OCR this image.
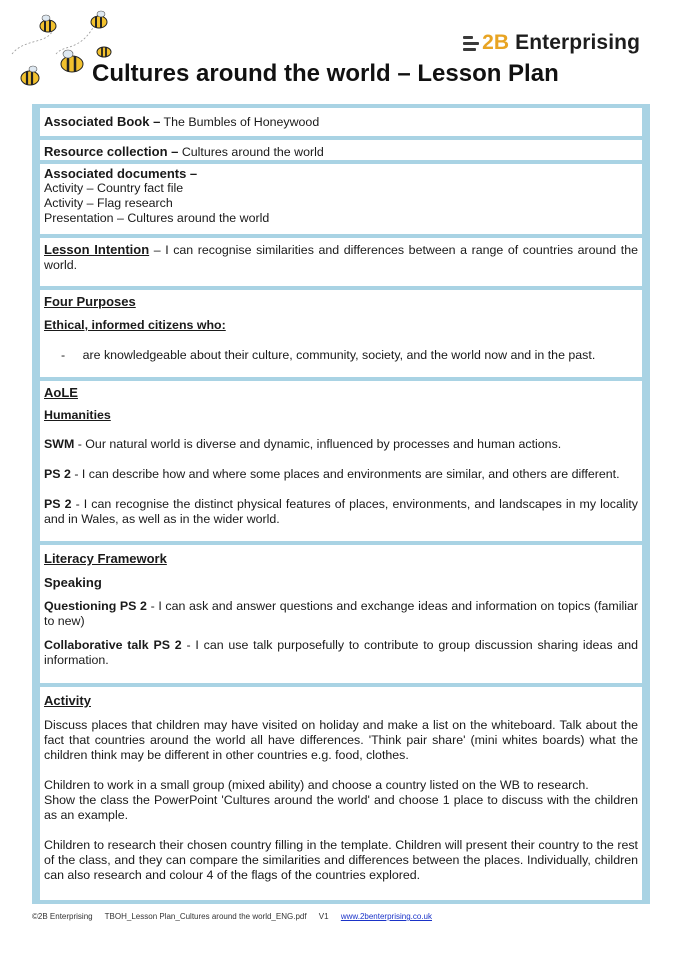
2B Enterprising
Cultures around the world – Lesson Plan
Associated Book – The Bumbles of Honeywood
Resource collection – Cultures around the world

Associated documents –

Activity – Country fact file

Activity – Flag research

Presentation – Cultures around the world

Lesson Intention – I can recognise similarities and differences between a range of countries around the world.

Four Purposes

Ethical, informed citizens who:

- are knowledgeable about their culture, community, society, and the world now and in the past.

AoLE

Humanities

SWM - Our natural world is diverse and dynamic, influenced by processes and human actions.

PS 2 - I can describe how and where some places and environments are similar, and others are different.

PS 2 - I can recognise the distinct physical features of places, environments, and landscapes in my locality and in Wales, as well as in the wider world.

Literacy Framework

Speaking

Questioning PS 2 - I can ask and answer questions and exchange ideas and information on topics (familiar to new)

Collaborative talk PS 2 - I can use talk purposefully to contribute to group discussion sharing ideas and information.

Activity

Discuss places that children may have visited on holiday and make a list on the whiteboard. Talk about the fact that countries around the world all have differences. 'Think pair share' (mini whites boards) what the children think may be different in other countries e.g. food, clothes.

Children to work in a small group (mixed ability) and choose a country listed on the WB to research.

Show the class the PowerPoint 'Cultures around the world' and choose 1 place to discuss with the children as an example.

Children to research their chosen country filling in the template. Children will present their country to the rest of the class, and they can compare the similarities and differences between the places. Individually, children can also research and colour 4 of the flags of the countries explored.

©2B Enterprising TBOH_Lesson Plan_Cultures around the world_ENG.pdf V1 www.2benterprising.co.uk
